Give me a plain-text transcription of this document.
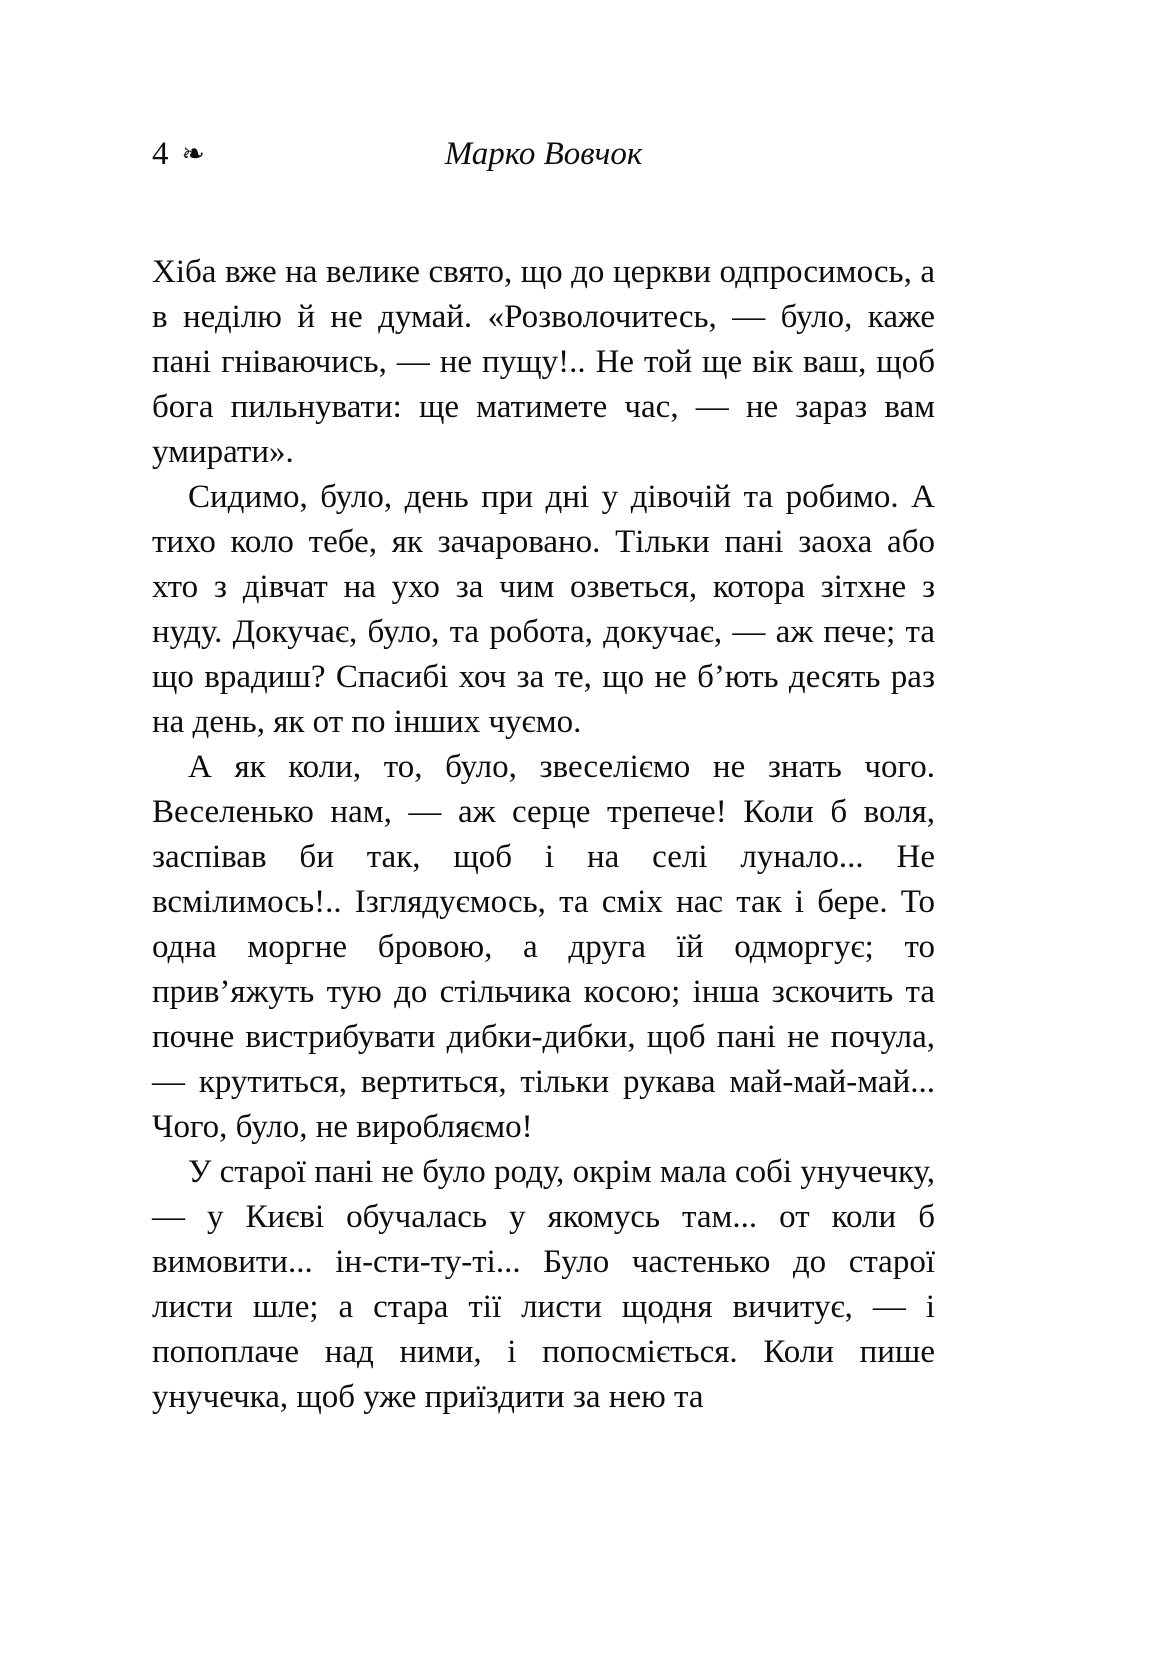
4 ❧	Марко Вовчок

Хіба вже на велике свято, що до церкви одпросимось, а в неділю й не думай. «Розволочитесь, — було, каже пані гніваючись, — не пущу!.. Не той ще вік ваш, щоб бога пильнувати: ще матимете час, — не зараз вам умирати».

Сидимо, було, день при дні у дівочій та робимо. А тихо коло тебе, як зачаровано. Тільки пані заоха або хто з дівчат на ухо за чим озветься, котора зітхне з нуду. Докучає, було, та робота, докучає, — аж пече; та що врадиш? Спасибі хоч за те, що не б’ють десять раз на день, як от по інших чуємо.

А як коли, то, було, звеселіємо не знать чого. Веселенько нам, — аж серце трепече! Коли б воля, заспівав би так, щоб і на селі лунало... Не всмілимось!.. Ізглядуємось, та сміх нас так і бере. То одна моргне бровою, а друга їй одморгує; то прив’яжуть тую до стільчика косою; інша зскочить та почне вистрибувати дибки-дибки, щоб пані не почула, — крутиться, вертиться, тільки рукава май-май-май... Чого, було, не виробляємо!

У старої пані не було роду, окрім мала собі унучечку, — у Києві обучалась у якомусь там... от коли б вимовити... ін-сти-ту-ті... Було частенько до старої листи шле; а стара тії листи щодня вичитує, — і попоплаче над ними, і попосміється. Коли пише унучечка, щоб уже приїздити за нею та
